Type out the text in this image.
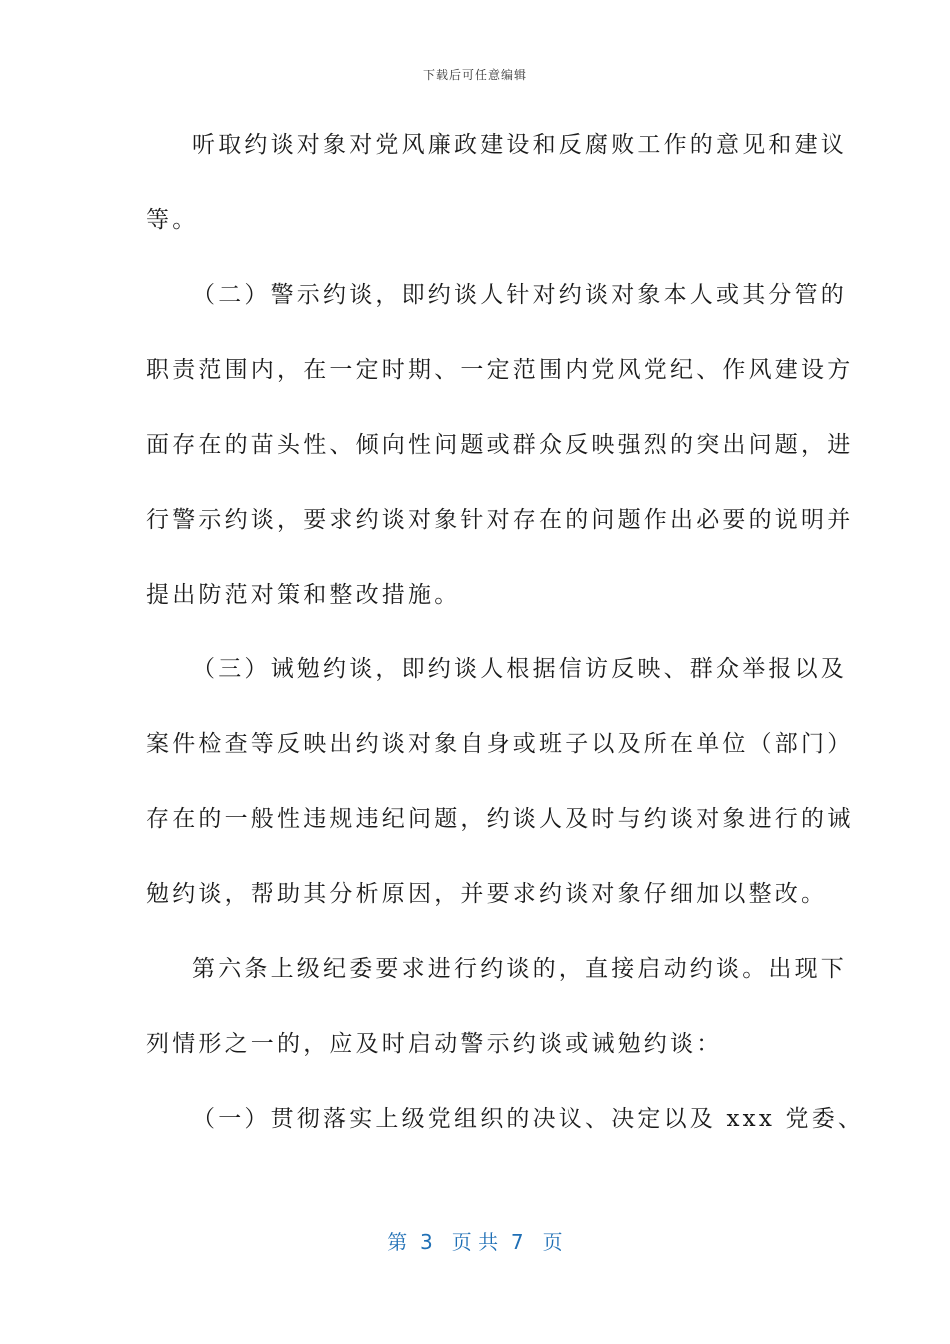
下载后可任意编辑
听取约谈对象对党风廉政建设和反腐败工作的意见和建议
等。
（二）警示约谈，即约谈人针对约谈对象本人或其分管的
职责范围内，在一定时期、一定范围内党风党纪、作风建设方
面存在的苗头性、倾向性问题或群众反映强烈的突出问题，进
行警示约谈，要求约谈对象针对存在的问题作出必要的说明并
提出防范对策和整改措施。
（三）诫勉约谈，即约谈人根据信访反映、群众举报以及
案件检查等反映出约谈对象自身或班子以及所在单位（部门）
存在的一般性违规违纪问题，约谈人及时与约谈对象进行的诫
勉约谈，帮助其分析原因，并要求约谈对象仔细加以整改。
第六条上级纪委要求进行约谈的，直接启动约谈。出现下
列情形之一的，应及时启动警示约谈或诫勉约谈：
（一）贯彻落实上级党组织的决议、决定以及 xxx 党委、
第  3   页 共  7   页
